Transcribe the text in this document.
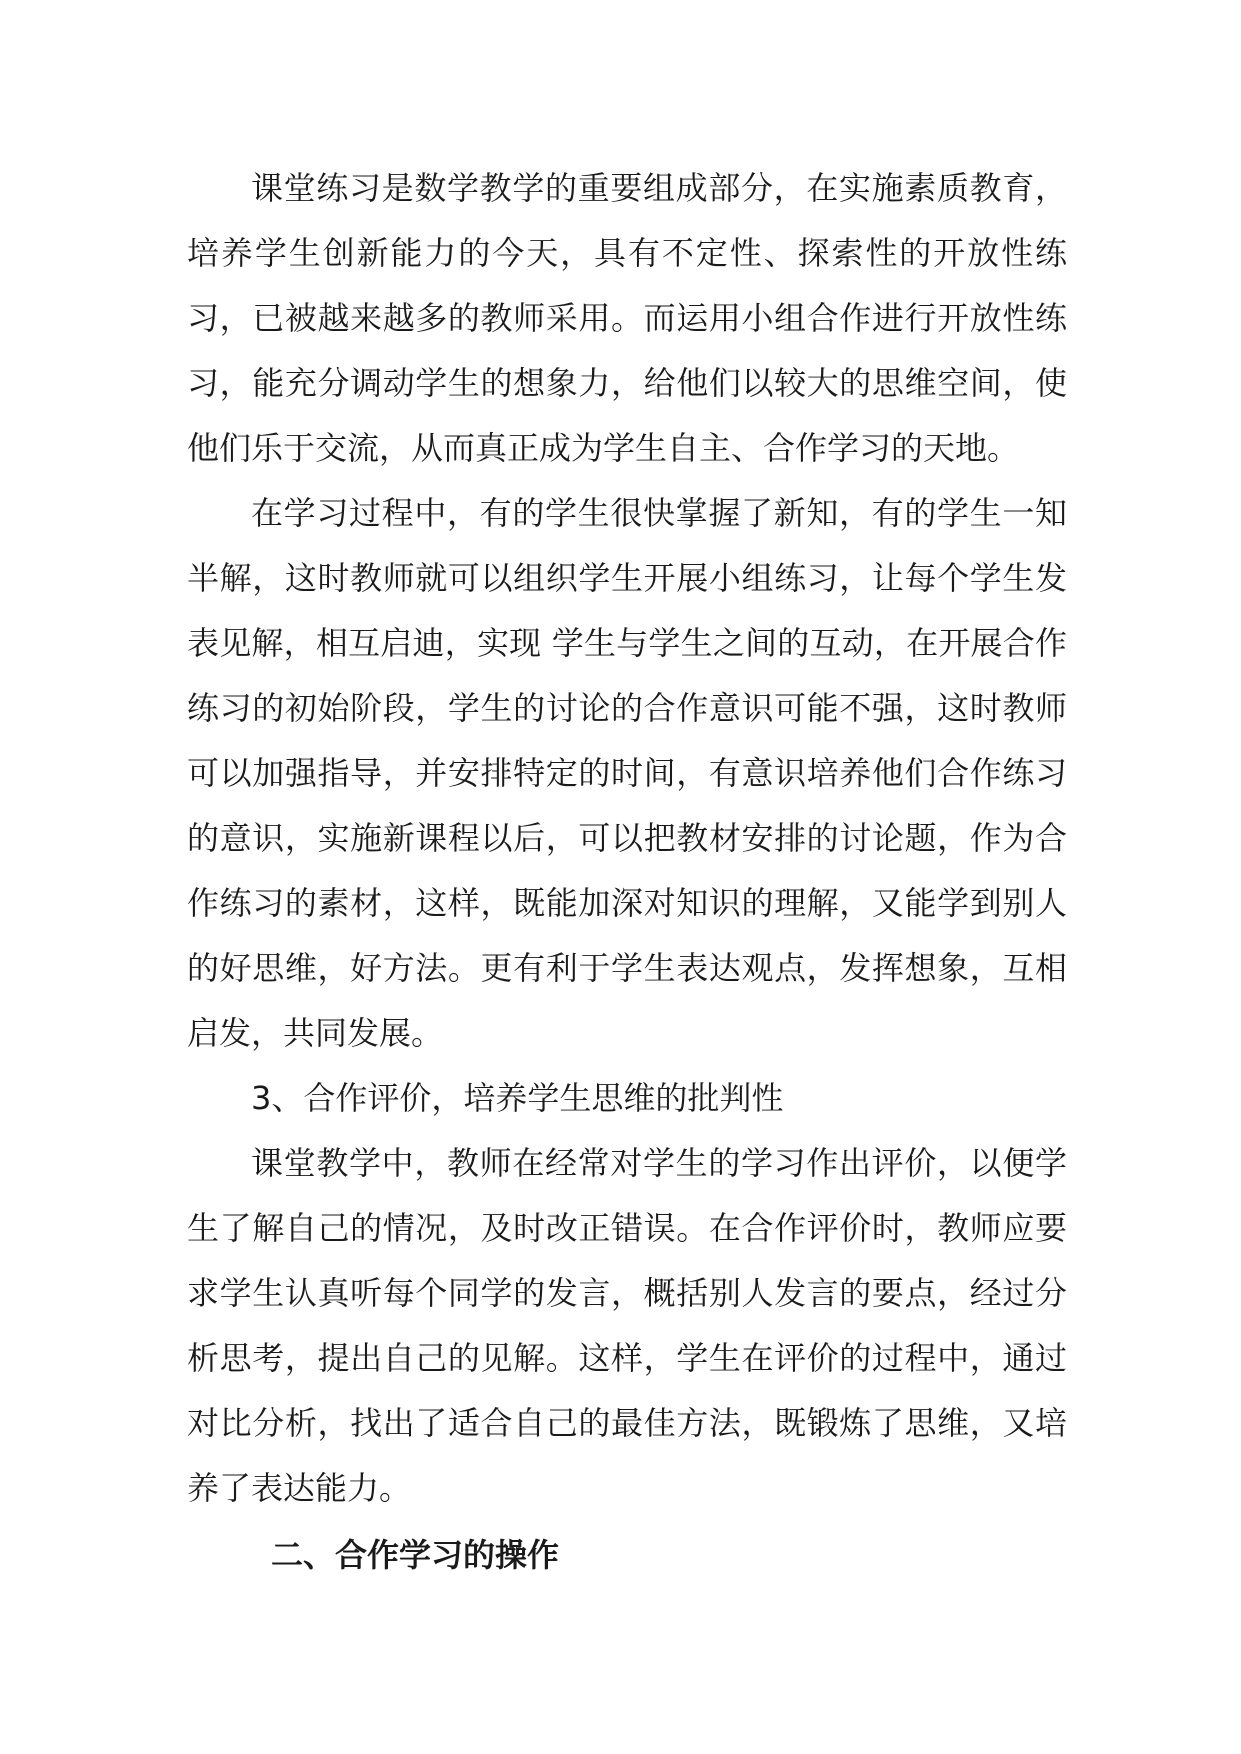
课堂练习是数学教学的重要组成部分，在实施素质教育，培养学生创新能力的今天，具有不定性、探索性的开放性练习，已被越来越多的教师采用。而运用小组合作进行开放性练习，能充分调动学生的想象力，给他们以较大的思维空间，使他们乐于交流，从而真正成为学生自主、合作学习的天地。

在学习过程中，有的学生很快掌握了新知，有的学生一知半解，这时教师就可以组织学生开展小组练习，让每个学生发表见解，相互启迪，实现 学生与学生之间的互动，在开展合作练习的初始阶段，学生的讨论的合作意识可能不强，这时教师可以加强指导，并安排特定的时间，有意识培养他们合作练习的意识，实施新课程以后，可以把教材安排的讨论题，作为合作练习的素材，这样，既能加深对知识的理解，又能学到别人的好思维，好方法。更有利于学生表达观点，发挥想象，互相启发，共同发展。

3、合作评价，培养学生思维的批判性

课堂教学中，教师在经常对学生的学习作出评价，以便学生了解自己的情况，及时改正错误。在合作评价时，教师应要求学生认真听每个同学的发言，概括别人发言的要点，经过分析思考，提出自己的见解。这样，学生在评价的过程中，通过对比分析，找出了适合自己的最佳方法，既锻炼了思维，又培养了表达能力。

二、合作学习的操作
